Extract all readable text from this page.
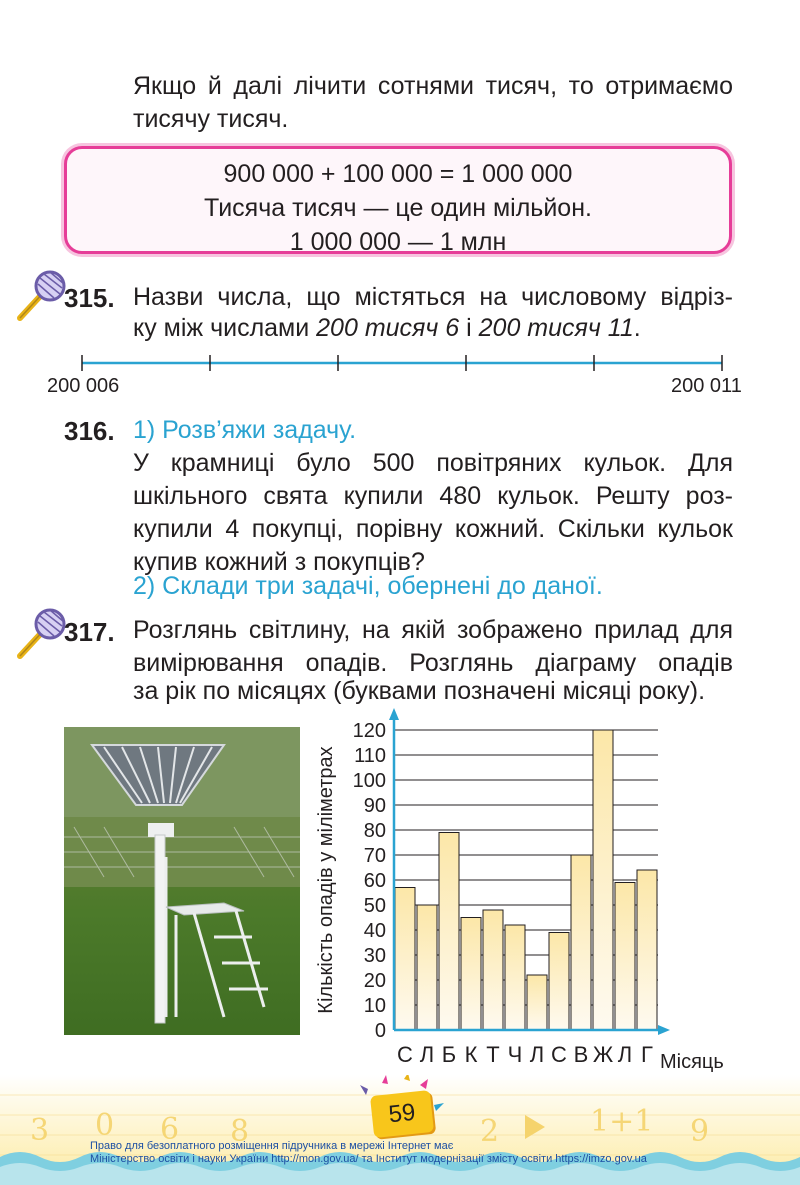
Якщо й далі лічити сотнями тисяч, то отримаємо
тисячу тисяч.
900 000 + 100 000 = 1 000 000
Тисяча тисяч — це один мільйон.
1 000 000 — 1 млн
315. Назви числа, що містяться на числовому відріз-
ку між числами 200 тисяч 6 і 200 тисяч 11.
200 006	200 011
316. 1) Розв’яжи задачу.
У крамниці було 500 повітряних кульок. Для
шкільного свята купили 480 кульок. Решту роз-
купили 4 покупці, порівну кожний. Скільки кульок
купив кожний з покупців?
2) Склади три задачі, обернені до даної.
317. Розглянь світлину, на якій зображено прилад для
вимірювання опадів. Розглянь діаграму опадів
за рік по місяцях (буквами позначені місяці року).
0
10
20
30
40
50
60
70
80
90
100
110
120
С Л Б К Т Ч Л С В Ж Л Г
Кількість опадів у міліметрах
Місяць
3 0 6 8	2	1+1 9
59
Право для безоплатного розміщення підручника в мережі Інтернет має
Міністерство освіти і науки України http://mon.gov.ua/ та Інститут модернізації змісту освіти https://imzo.gov.ua
